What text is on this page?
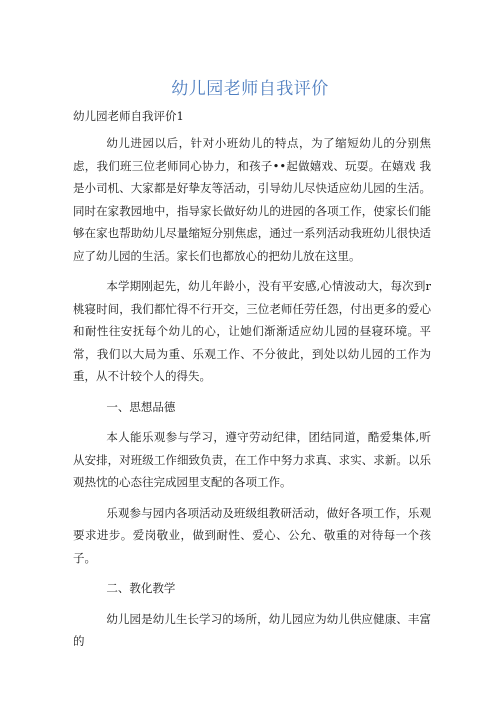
幼儿园老师自我评价

幼儿园老师自我评价1

幼儿进园以后，针对小班幼儿的特点，为了缩短幼儿的分别焦虑，我们班三位老师同心协力，和孩子••起做嬉戏、玩耍。在嬉戏 我是小司机、大家都是好挚友等活动，引导幼儿尽快适应幼儿园的生活。同时在家教园地中，指导家长做好幼儿的进园的各项工作，使家长们能够在家也帮助幼儿尽量缩短分别焦虑，通过一系列活动我班幼儿很快适应了幼儿园的生活。家长们也都放心的把幼儿放在这里。

本学期刚起先，幼儿年龄小，没有平安感,心情波动大，每次到r桃寝时间，我们都忙得不行开交，三位老师任劳任怨，付出更多的爱心和耐性往安抚每个幼儿的心，让她们渐渐适应幼儿园的昼寝环境。平常，我们以大局为重、乐观工作、不分彼此，到处以幼儿园的工作为重，从不计较个人的得失。

一、思想品德

本人能乐观参与学习，遵守劳动纪律，团结同道，酷爱集体,听从安排，对班级工作细致负责，在工作中努力求真、求实、求新。以乐观热忱的心态往完成园里支配的各项工作。

乐观参与园内各项活动及班级组教研活动，做好各项工作，乐观要求进步。爱岗敬业，做到耐性、爱心、公允、敬重的对待每一个孩子。

二、教化教学

幼儿园是幼儿生长学习的场所，幼儿园应为幼儿供应健康、丰富的
